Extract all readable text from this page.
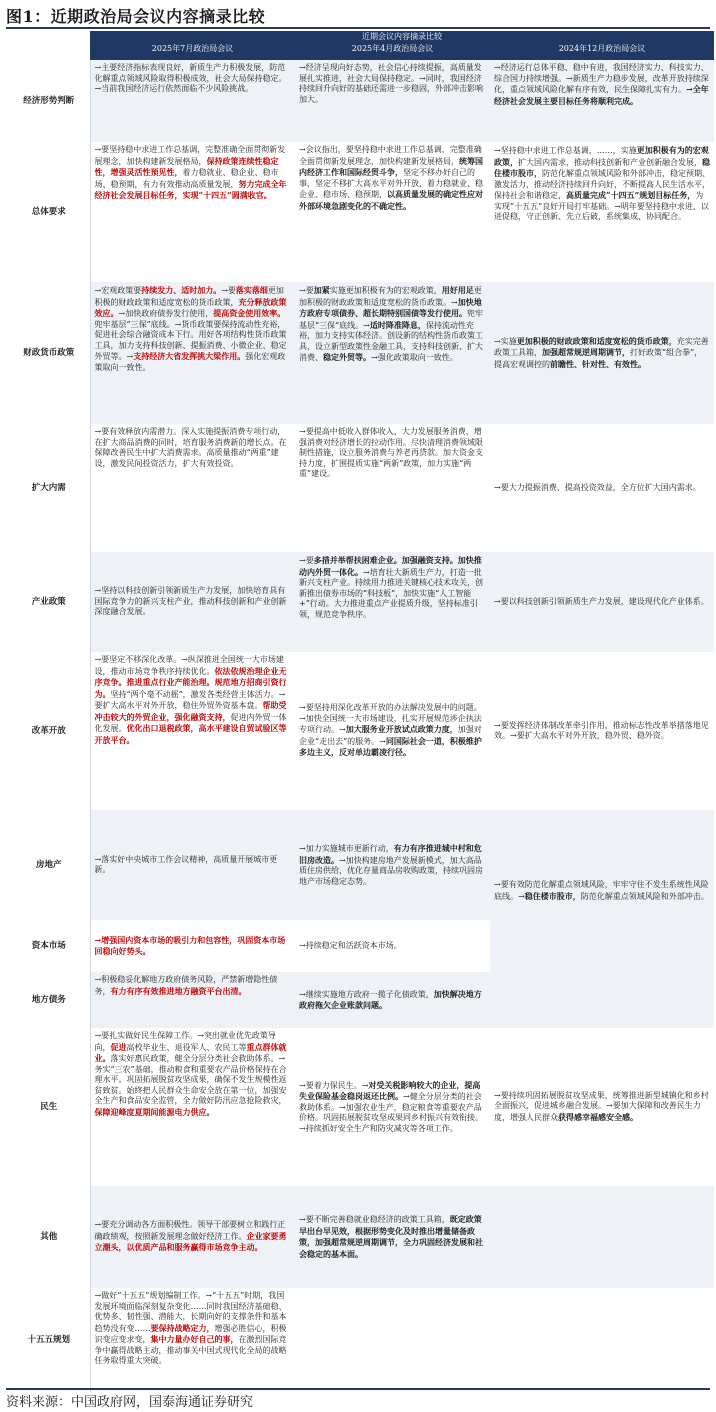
图1：近期政治局会议内容摘录比较
近期会议内容摘录比较			

	2025年7月政治局会议	2025年4月政治局会议	2024年12月政治局会议
经济形势判断	→主要经济指标表现良好，新质生产力积极发展，防范化解重点领域风险取得积极成效，社会大局保持稳定。→当前我国经济运行依然面临不少风险挑战。	→经济呈现向好态势，社会信心持续提振，高质量发展扎实推进，社会大局保持稳定。→同时，我国经济持续回升向好的基础还需进一步稳固，外部冲击影响加大。	→经济运行总体平稳、稳中有进，我国经济实力、科技实力、综合国力持续增强。→新质生产力稳步发展，改革开放持续深化，重点领域风险化解有序有效，民生保障扎实有力。→全年经济社会发展主要目标任务将顺利完成。
总体要求	→要坚持稳中求进工作总基调，完整准确全面贯彻新发展理念，加快构建新发展格局，保持政策连续性稳定性，增强灵活性预见性，着力稳就业、稳企业、稳市场、稳预期，有力有效推动高质量发展，努力完成全年经济社会发展目标任务，实现“十四五”圆满收官。	→会议指出，要坚持稳中求进工作总基调，完整准确全面贯彻新发展理念，加快构建新发展格局，统筹国内经济工作和国际经贸斗争，坚定不移办好自己的事，坚定不移扩大高水平对外开放，着力稳就业、稳企业、稳市场、稳预期，以高质量发展的确定性应对外部环境急剧变化的不确定性。	→坚持稳中求进工作总基调，……，实施更加积极有为的宏观政策，扩大国内需求，推动科技创新和产业创新融合发展，稳住楼市股市，防范化解重点领域风险和外部冲击，稳定预期、激发活力，推动经济持续回升向好，不断提高人民生活水平，保持社会和谐稳定，高质量完成“十四五”规划目标任务，为实现“十五五”良好开局打牢基础。→明年要坚持稳中求进、以进促稳，守正创新、先立后破，系统集成、协同配合。
财政货币政策	→宏观政策要持续发力、适时加力。→要落实落细更加积极的财政政策和适度宽松的货币政策，充分释放政策效应。→加快政府债券发行使用，提高资金使用效率。兜牢基层“三保”底线。→货币政策要保持流动性充裕，促进社会综合融资成本下行。用好各项结构性货币政策工具，加力支持科技创新、提振消费、小微企业、稳定外贸等。→支持经济大省发挥挑大梁作用。强化宏观政策取向一致性。	→要加紧实施更加积极有为的宏观政策，用好用足更加积极的财政政策和适度宽松的货币政策。→加快地方政府专项债券、超长期特别国债等发行使用。兜牢基层“三保”底线。→适时降准降息，保持流动性充裕，加力支持实体经济。创设新的结构性货币政策工具，设立新型政策性金融工具，支持科技创新、扩大消费、稳定外贸等。→强化政策取向一致性。	→实施更加积极的财政政策和适度宽松的货币政策，充实完善政策工具箱，加强超常规逆周期调节，打好政策“组合拳”，提高宏观调控的前瞻性、针对性、有效性。
扩大内需	→要有效释放内需潜力。深入实施提振消费专项行动，在扩大商品消费的同时，培育服务消费新的增长点。在保障改善民生中扩大消费需求。高质量推动“两重”建设，激发民间投资活力，扩大有效投资。	→要提高中低收入群体收入，大力发展服务消费，增强消费对经济增长的拉动作用。尽快清理消费领域限制性措施，设立服务消费与养老再贷款。加大资金支持力度，扩围提质实施“两新”政策，加力实施“两重”建设。	→要大力提振消费、提高投资效益，全方位扩大国内需求。
产业政策	→坚持以科技创新引领新质生产力发展，加快培育具有国际竞争力的新兴支柱产业，推动科技创新和产业创新深度融合发展。	→要多措并举帮扶困难企业。加强融资支持。加快推动内外贸一体化。→培育壮大新质生产力，打造一批新兴支柱产业。持续用力推进关键核心技术攻关，创新推出债券市场的“科技板”，加快实施“人工智能+”行动。大力推进重点产业提质升级，坚持标准引领，规范竞争秩序。	→要以科技创新引领新质生产力发展，建设现代化产业体系。
改革开放	→要坚定不移深化改革。→纵深推进全国统一大市场建设，推动市场竞争秩序持续优化。依法依规治理企业无序竞争。推进重点行业产能治理。规范地方招商引资行为。坚持“两个毫不动摇”，激发各类经营主体活力。→要扩大高水平对外开放，稳住外贸外资基本盘。帮助受冲击较大的外贸企业，强化融资支持，促进内外贸一体化发展。优化出口退税政策，高水平建设自贸试验区等开放平台。	→要坚持用深化改革开放的办法解决发展中的问题。→加快全国统一大市场建设，扎实开展规范涉企执法专项行动。→加大服务业开放试点政策力度，加强对企业“走出去”的服务。→同国际社会一道，积极维护多边主义，反对单边霸凌行径。	→要发挥经济体制改革牵引作用，推动标志性改革举措落地见效。→要扩大高水平对外开放，稳外贸、稳外资。
房地产	→落实好中央城市工作会议精神，高质量开展城市更新。	→加力实施城市更新行动，有力有序推进城中村和危旧房改造。→加快构建房地产发展新模式，加大高品质住房供给，优化存量商品房收购政策，持续巩固房地产市场稳定态势。	→要有效防范化解重点领域风险，牢牢守住不发生系统性风险底线。→稳住楼市股市，防范化解重点领域风险和外部冲击。
资本市场	→增强国内资本市场的吸引力和包容性，巩固资本市场回稳向好势头。	→持续稳定和活跃资本市场。	
地方债务	→积极稳妥化解地方政府债务风险，严禁新增隐性债务，有力有序有效推进地方融资平台出清。	→继续实施地方政府一揽子化债政策，加快解决地方政府拖欠企业账款问题。	
民生	→要扎实做好民生保障工作。→突出就业优先政策导向，促进高校毕业生、退役军人、农民工等重点群体就业。落实好惠民政策，健全分层分类社会救助体系。→务实“三农”基础，推动粮食和重要农产品价格保持在合理水平。巩固拓展脱贫攻坚成果，确保不发生规模性返贫致贫。始终把人民群众生命安全放在第一位，加强安全生产和食品安全监管，全力做好防汛应急抢险救灾，保障迎峰度夏期间能源电力供应。	→要着力保民生。→对受关税影响较大的企业，提高失业保险基金稳岗返还比例。→健全分层分类的社会救助体系。→加强农业生产，稳定粮食等重要农产品价格。巩固拓展脱贫攻坚成果同乡村振兴有效衔接。→持续抓好安全生产和防灾减灾等各项工作。	→要持续巩固拓展脱贫攻坚成果，统筹推进新型城镇化和乡村全面振兴，促进城乡融合发展。→要加大保障和改善民生力度，增强人民群众获得感幸福感安全感。
其他	→要充分调动各方面积极性。领导干部要树立和践行正确政绩观，按照新发展理念做好经济工作。企业家要勇立潮头，以优质产品和服务赢得市场竞争主动。	→要不断完善稳就业稳经济的政策工具箱，既定政策早出台早见效，根据形势变化及时推出增量储备政策，加强超常规逆周期调节，全力巩固经济发展和社会稳定的基本面。	
十五五规划	→做好“十五五”规划编制工作。→“十五五”时期，我国发展环境面临深刻复杂变化……同时我国经济基础稳、优势多、韧性强、潜能大，长期向好的支撑条件和基本趋势没有变……要保持战略定力，增强必胜信心，积极识变应变求变，集中力量办好自己的事，在激烈国际竞争中赢得战略主动，推动事关中国式现代化全局的战略任务取得重大突破。		
资料来源：中国政府网，国泰海通证券研究
